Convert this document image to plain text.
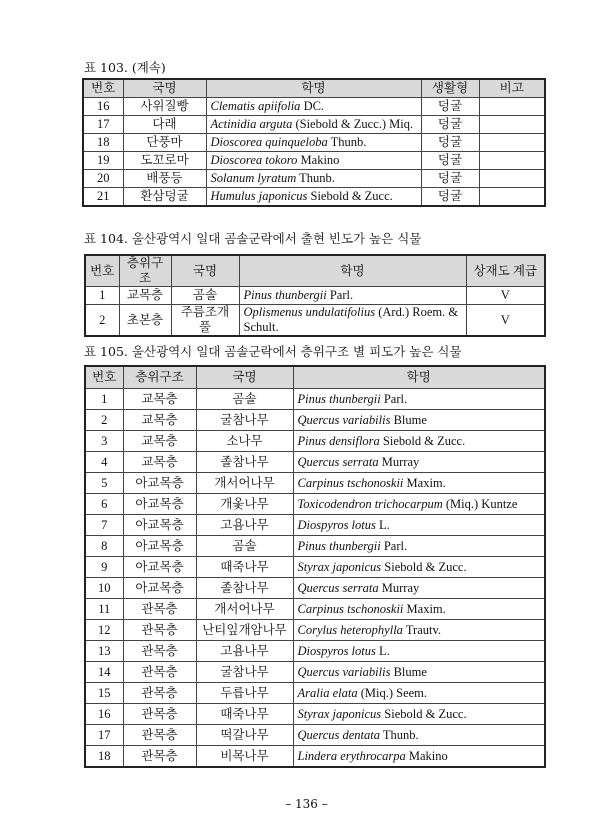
표 103. (계속)
번호	국명	학명	생활형	비고
16	사위질빵	Clematis apiifolia DC.	덩굴	
17	다래	Actinidia arguta (Siebold & Zucc.) Miq.	덩굴	
18	단풍마	Dioscorea quinqueloba Thunb.	덩굴	
19	도꼬로마	Dioscorea tokoro Makino	덩굴	
20	배풍등	Solanum lyratum Thunb.	덩굴	
21	환삼덩굴	Humulus japonicus Siebold & Zucc.	덩굴	
표 104. 울산광역시 일대 곰솔군락에서 출현 빈도가 높은 식물
번호	층위구조	국명	학명	상재도 계급
1	교목층	곰솔	Pinus thunbergii Parl.	V
2	초본층	주름조개풀	Oplismenus undulatifolius (Ard.) Roem. & Schult.	V
표 105. 울산광역시 일대 곰솔군락에서 층위구조 별 피도가 높은 식물
번호	층위구조	국명	학명
1	교목층	곰솔	Pinus thunbergii Parl.
2	교목층	굴참나무	Quercus variabilis Blume
3	교목층	소나무	Pinus densiflora Siebold & Zucc.
4	교목층	졸참나무	Quercus serrata Murray
5	아교목층	개서어나무	Carpinus tschonoskii Maxim.
6	아교목층	개옻나무	Toxicodendron trichocarpum (Miq.) Kuntze
7	아교목층	고욤나무	Diospyros lotus L.
8	아교목층	곰솔	Pinus thunbergii Parl.
9	아교목층	때죽나무	Styrax japonicus Siebold & Zucc.
10	아교목층	졸참나무	Quercus serrata Murray
11	관목층	개서어나무	Carpinus tschonoskii Maxim.
12	관목층	난티잎개암나무	Corylus heterophylla Trautv.
13	관목층	고욤나무	Diospyros lotus L.
14	관목층	굴참나무	Quercus variabilis Blume
15	관목층	두릅나무	Aralia elata (Miq.) Seem.
16	관목층	때죽나무	Styrax japonicus Siebold & Zucc.
17	관목층	떡갈나무	Quercus dentata Thunb.
18	관목층	비목나무	Lindera erythrocarpa Makino
– 136 –
